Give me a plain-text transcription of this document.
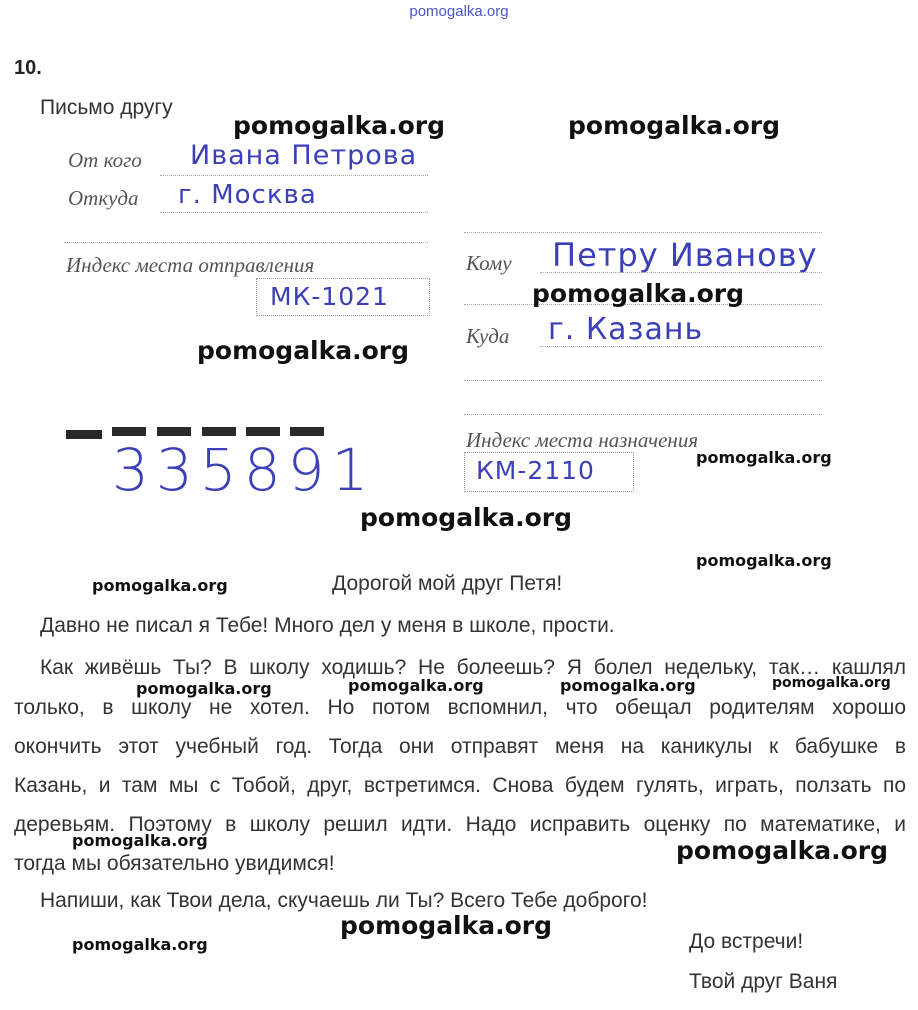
pomogalka.org
10.
Письмо другу
От кого Ивана Петрова
Откуда г. Москва
Индекс места отправления
МК-1021
335891
Кому Петру Иванову
Куда г. Казань
Индекс места назначения
КМ-2110
Дорогой мой друг Петя!
Давно не писал я Тебе! Много дел у меня в школе, прости.
Как живёшь Ты? В школу ходишь? Не болеешь? Я болел недельку, так… кашлял
только, в школу не хотел. Но потом вспомнил, что обещал родителям хорошо
окончить этот учебный год. Тогда они отправят меня на каникулы к бабушке в
Казань, и там мы с Тобой, друг, встретимся. Снова будем гулять, играть, ползать по
деревьям. Поэтому в школу решил идти. Надо исправить оценку по математике, и
тогда мы обязательно увидимся!
Напиши, как Твои дела, скучаешь ли Ты? Всего Тебе доброго!
До встречи!
Твой друг Ваня
pomogalka.org	pomogalka.org
pomogalka.org
pomogalka.org
pomogalka.org
pomogalka.org
pomogalka.org
pomogalka.org
pomogalka.org	pomogalka.org	pomogalka.org	pomogalka.org
pomogalka.org	pomogalka.org
pomogalka.org
pomogalka.org
